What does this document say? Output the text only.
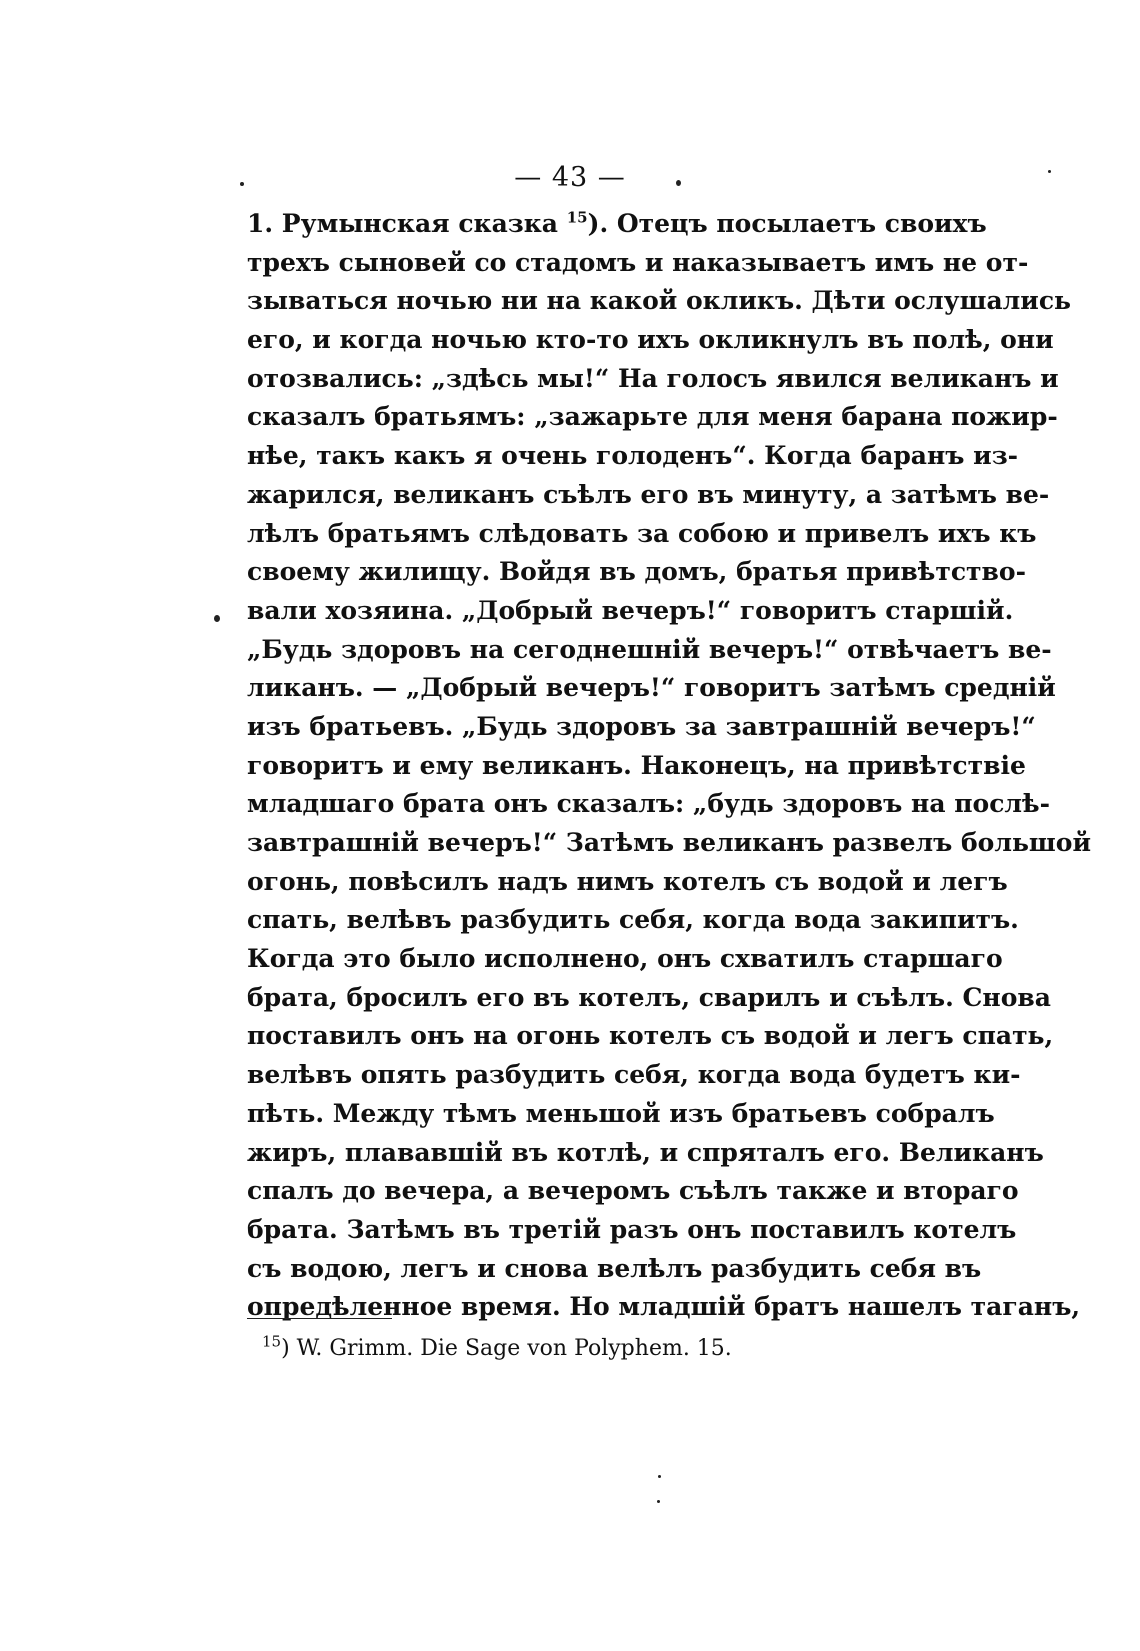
— 43 —
1. Румынская сказка $^{15}$). Отецъ посылаетъ своихъ
трехъ сыновей со стадомъ и наказываетъ имъ не от-
зываться ночью ни на какой окликъ. Дѣти ослушались
его, и когда ночью кто-то ихъ окликнулъ въ полѣ, они
отозвались: „здѣсь мы!“ На голосъ явился великанъ и
сказалъ братьямъ: „зажарьте для меня барана пожир-
нѣе, такъ какъ я очень голоденъ“. Когда баранъ из-
жарился, великанъ съѣлъ его въ минуту, а затѣмъ ве-
лѣлъ братьямъ слѣдовать за собою и привелъ ихъ къ
своему жилищу. Войдя въ домъ, братья привѣтство-
вали хозяина. „Добрый вечеръ!“ говоритъ старшій.
„Будь здоровъ на сегоднешній вечеръ!“ отвѣчаетъ ве-
ликанъ. — „Добрый вечеръ!“ говоритъ затѣмъ средній
изъ братьевъ. „Будь здоровъ за завтрашній вечеръ!“
говоритъ и ему великанъ. Наконецъ, на привѣтствіе
младшаго брата онъ сказалъ: „будь здоровъ на послѣ-
завтрашній вечеръ!“ Затѣмъ великанъ развелъ большой
огонь, повѣсилъ надъ нимъ котелъ съ водой и легъ
спать, велѣвъ разбудить себя, когда вода закипитъ.
Когда это было исполнено, онъ схватилъ старшаго
брата, бросилъ его въ котелъ, сварилъ и съѣлъ. Снова
поставилъ онъ на огонь котелъ съ водой и легъ спать,
велѣвъ опять разбудить себя, когда вода будетъ ки-
пѣть. Между тѣмъ меньшой изъ братьевъ собралъ
жиръ, плававшій въ котлѣ, и спряталъ его. Великанъ
спалъ до вечера, а вечеромъ съѣлъ также и втораго
брата. Затѣмъ въ третій разъ онъ поставилъ котелъ
съ водою, легъ и снова велѣлъ разбудить себя въ
опредѣленное время. Но младшій братъ нашелъ таганъ,
$^{15}$) W. Grimm. Die Sage von Polyphem. 15.
